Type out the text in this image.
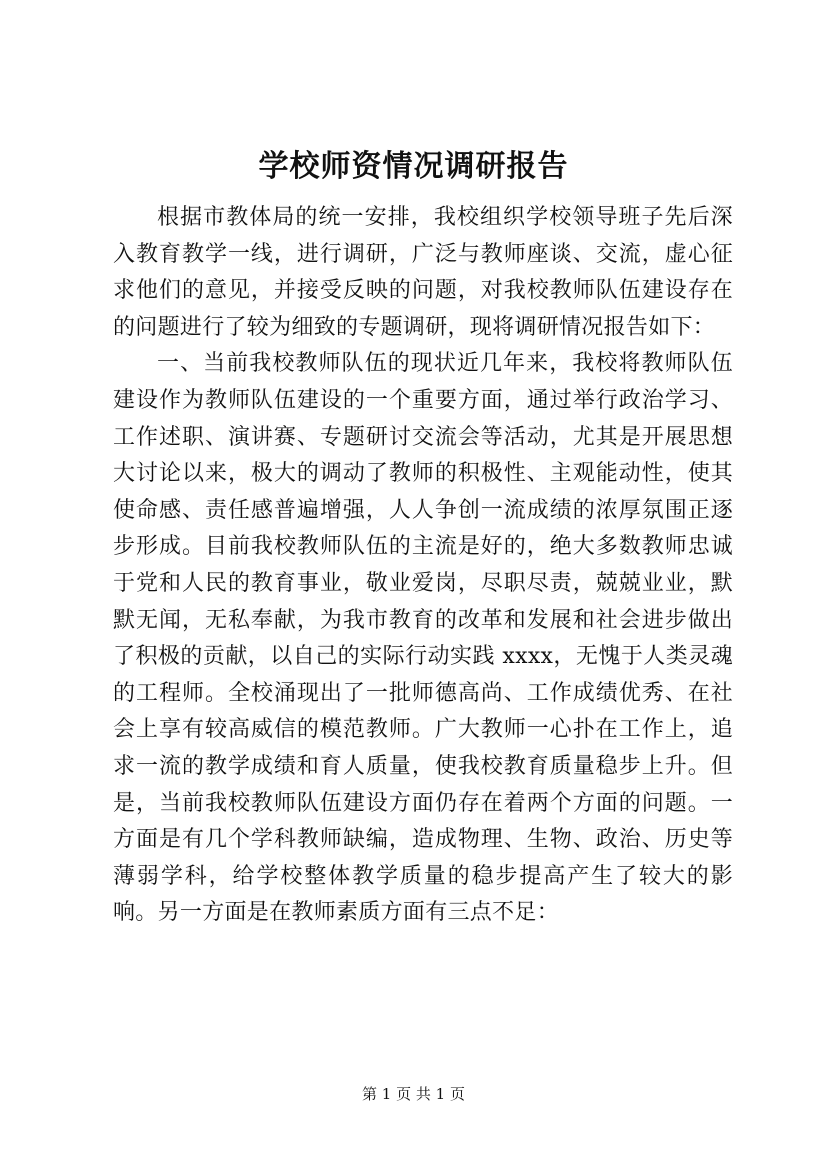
学校师资情况调研报告

根据市教体局的统一安排，我校组织学校领导班子先后深入教育教学一线，进行调研，广泛与教师座谈、交流，虚心征求他们的意见，并接受反映的问题，对我校教师队伍建设存在的问题进行了较为细致的专题调研，现将调研情况报告如下：

一、当前我校教师队伍的现状近几年来，我校将教师队伍建设作为教师队伍建设的一个重要方面，通过举行政治学习、工作述职、演讲赛、专题研讨交流会等活动，尤其是开展思想大讨论以来，极大的调动了教师的积极性、主观能动性，使其使命感、责任感普遍增强，人人争创一流成绩的浓厚氛围正逐步形成。目前我校教师队伍的主流是好的，绝大多数教师忠诚于党和人民的教育事业，敬业爱岗，尽职尽责，兢兢业业，默默无闻，无私奉献，为我市教育的改革和发展和社会进步做出了积极的贡献，以自己的实际行动实践 xxxx，无愧于人类灵魂的工程师。全校涌现出了一批师德高尚、工作成绩优秀、在社会上享有较高威信的模范教师。广大教师一心扑在工作上，追求一流的教学成绩和育人质量，使我校教育质量稳步上升。但是，当前我校教师队伍建设方面仍存在着两个方面的问题。一方面是有几个学科教师缺编，造成物理、生物、政治、历史等薄弱学科，给学校整体教学质量的稳步提高产生了较大的影响。另一方面是在教师素质方面有三点不足：

第 1 页 共 1 页
